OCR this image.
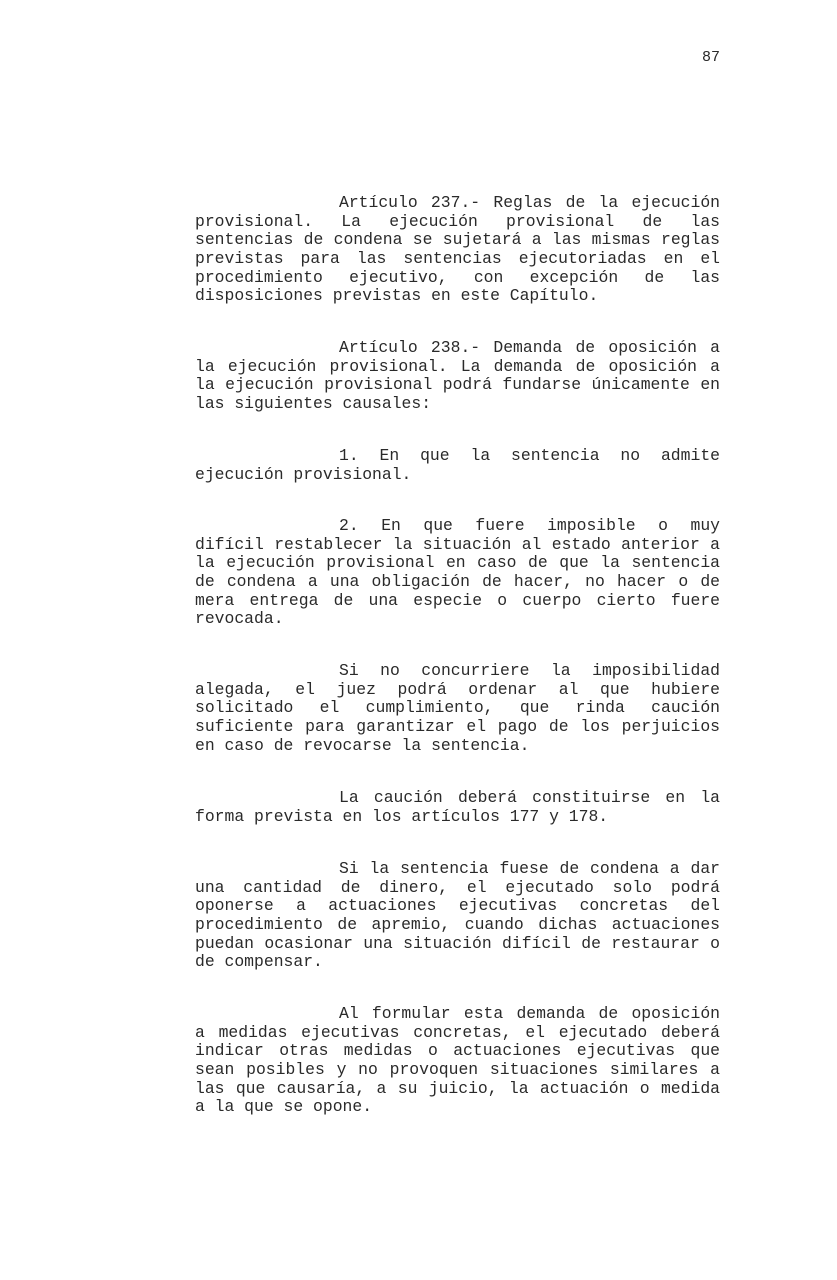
87
Artículo 237.- Reglas de la ejecución
provisional. La ejecución provisional de las
sentencias de condena se sujetará a las mismas reglas
previstas para las sentencias ejecutoriadas en el
procedimiento ejecutivo, con excepción de las
disposiciones previstas en este Capítulo.
Artículo 238.- Demanda de oposición a
la ejecución provisional. La demanda de oposición a
la ejecución provisional podrá fundarse únicamente en
las siguientes causales:
1. En que la sentencia no admite
ejecución provisional.
2. En que fuere imposible o muy
difícil restablecer la situación al estado anterior a
la ejecución provisional en caso de que la sentencia
de condena a una obligación de hacer, no hacer o de
mera entrega de una especie o cuerpo cierto fuere
revocada.
Si no concurriere la imposibilidad
alegada, el juez podrá ordenar al que hubiere
solicitado el cumplimiento, que rinda caución
suficiente para garantizar el pago de los perjuicios
en caso de revocarse la sentencia.
La caución deberá constituirse en la
forma prevista en los artículos 177 y 178.
Si la sentencia fuese de condena a dar
una cantidad de dinero, el ejecutado solo podrá
oponerse a actuaciones ejecutivas concretas del
procedimiento de apremio, cuando dichas actuaciones
puedan ocasionar una situación difícil de restaurar o
de compensar.
Al formular esta demanda de oposición
a medidas ejecutivas concretas, el ejecutado deberá
indicar otras medidas o actuaciones ejecutivas que
sean posibles y no provoquen situaciones similares a
las que causaría, a su juicio, la actuación o medida
a la que se opone.
